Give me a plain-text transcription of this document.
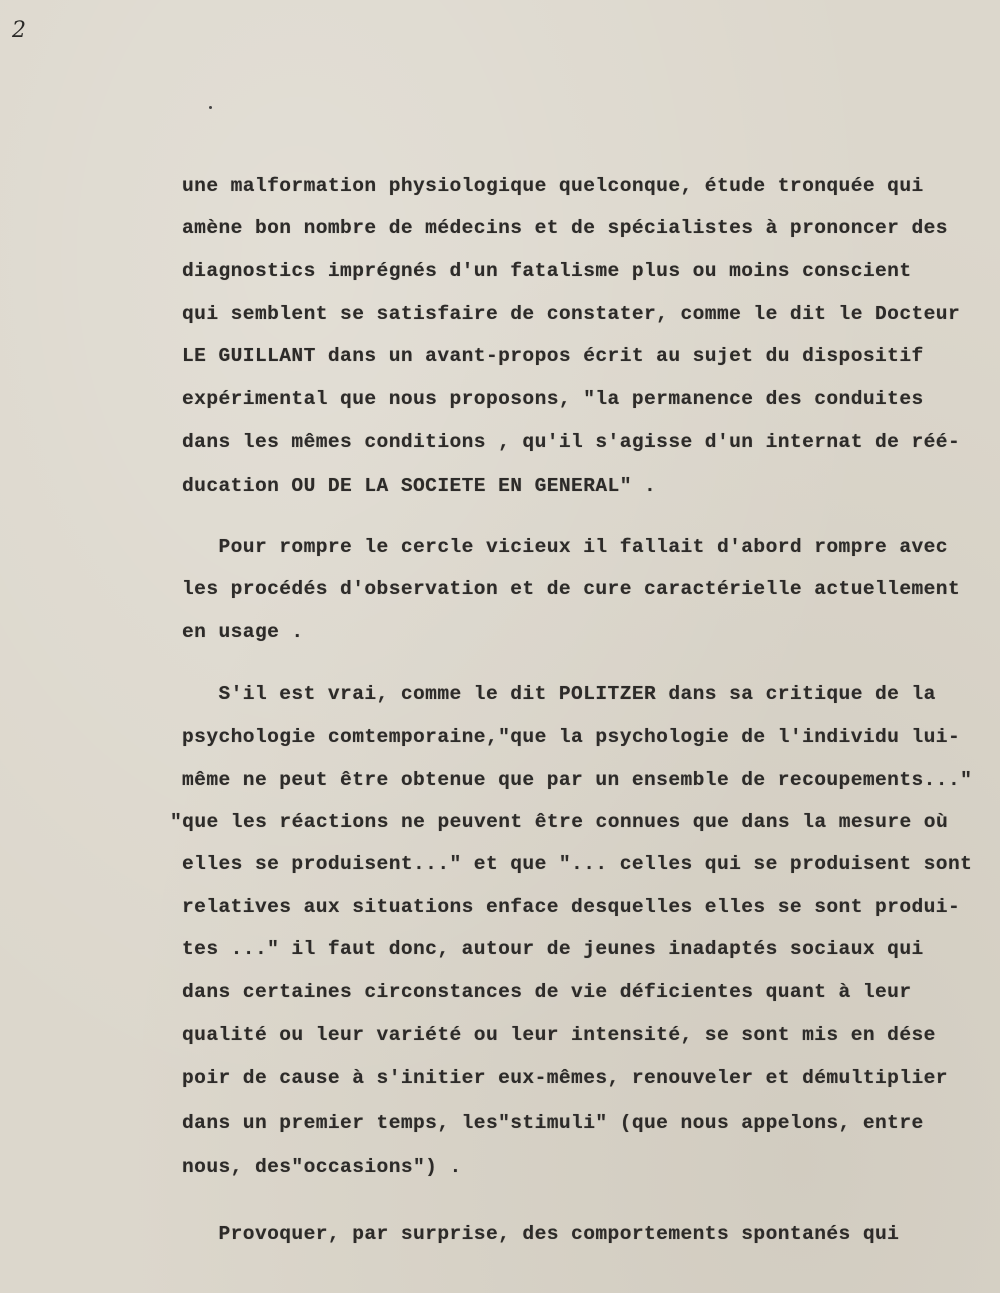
2
une malformation physiologique quelconque, étude tronquée qui
amène bon nombre de médecins et de spécialistes à prononcer des
diagnostics imprégnés d'un fatalisme plus ou moins conscient
qui semblent se satisfaire de constater, comme le dit le Docteur
LE GUILLANT dans un avant-propos écrit au sujet du dispositif
expérimental que nous proposons, "la permanence des conduites
dans les mêmes conditions , qu'il s'agisse d'un internat de réé-
ducation OU DE LA SOCIETE EN GENERAL" .
Pour rompre le cercle vicieux il fallait d'abord rompre avec
les procédés d'observation et de cure caractérielle actuellement
en usage .
S'il est vrai, comme le dit POLITZER dans sa critique de la
psychologie comtemporaine,"que la psychologie de l'individu lui-
même ne peut être obtenue que par un ensemble de recoupements..."
"que les réactions ne peuvent être connues que dans la mesure où
elles se produisent..." et que "... celles qui se produisent sont
relatives aux situations enface desquelles elles se sont produi-
tes ..." il faut donc, autour de jeunes inadaptés sociaux qui
dans certaines circonstances de vie déficientes quant à leur
qualité ou leur variété ou leur intensité, se sont mis en dése
poir de cause à s'initier eux-mêmes, renouveler et démultiplier
dans un premier temps, les"stimuli" (que nous appelons, entre
nous, des"occasions") .
Provoquer, par surprise, des comportements spontanés qui
